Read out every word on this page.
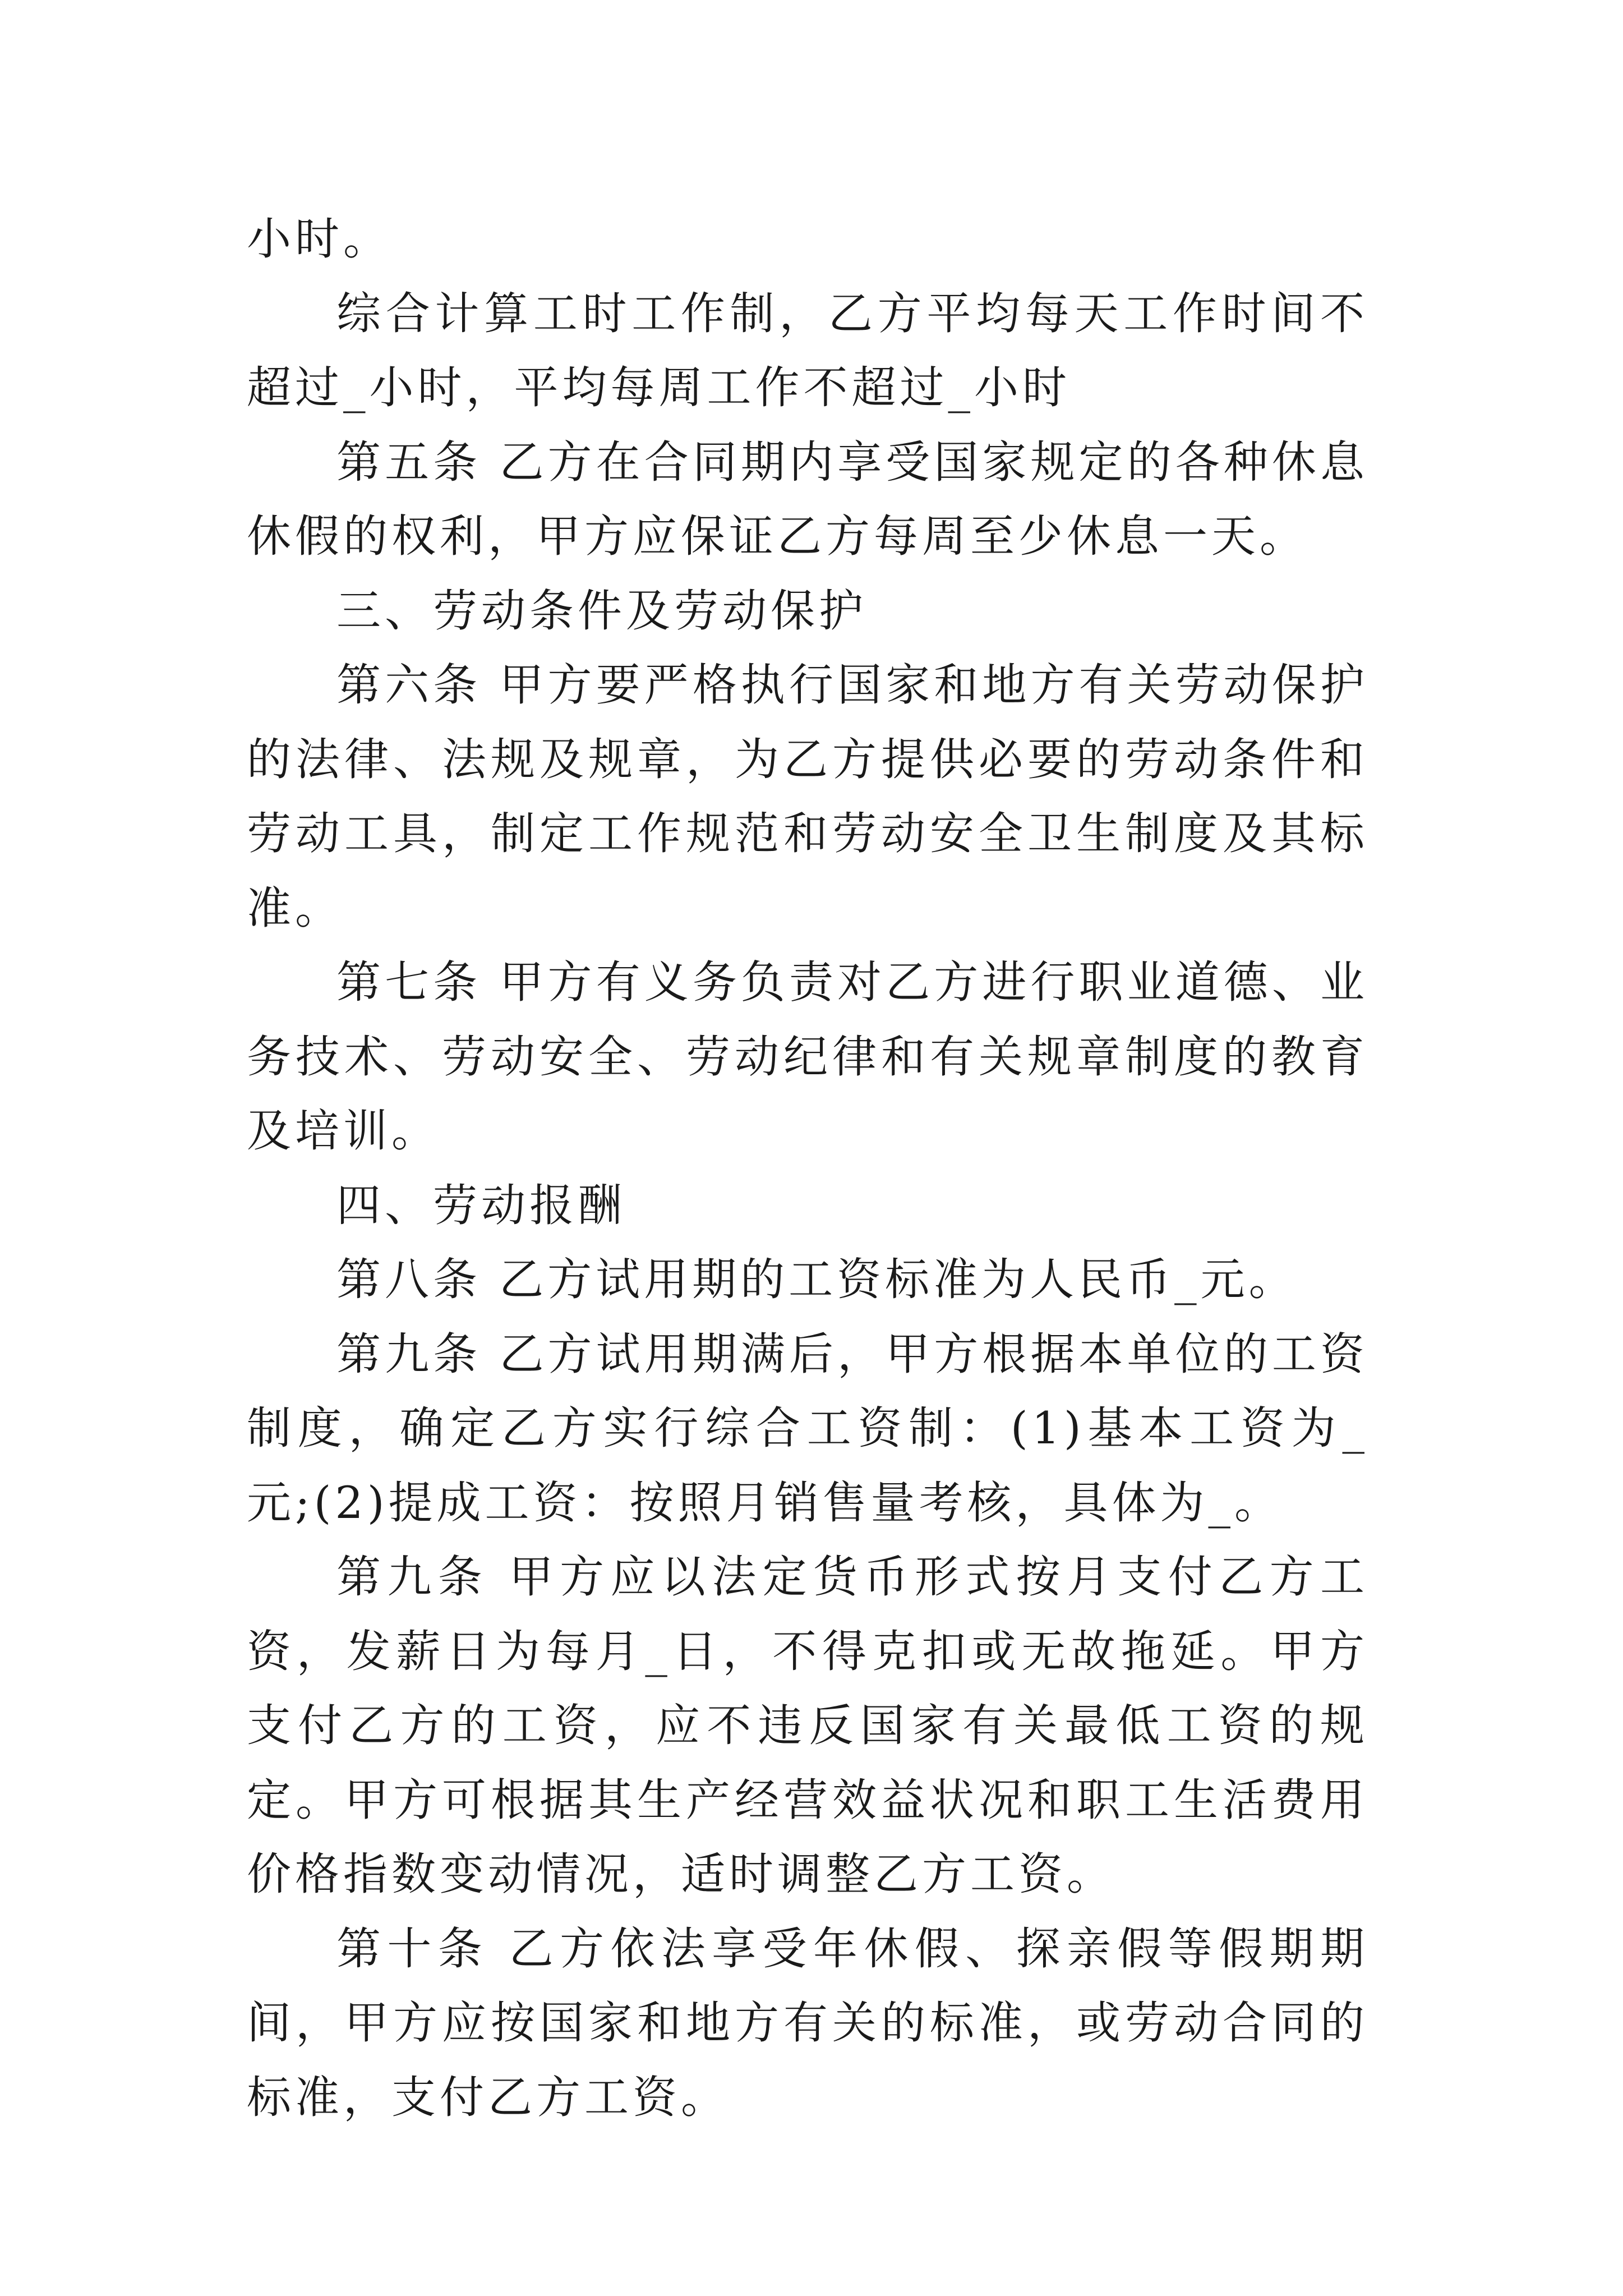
小时。

综合计算工时工作制，乙方平均每天工作时间不超过_小时，平均每周工作不超过_小时

第五条 乙方在合同期内享受国家规定的各种休息休假的权利，甲方应保证乙方每周至少休息一天。

三、劳动条件及劳动保护

第六条 甲方要严格执行国家和地方有关劳动保护的法律、法规及规章，为乙方提供必要的劳动条件和劳动工具，制定工作规范和劳动安全卫生制度及其标准。

第七条 甲方有义务负责对乙方进行职业道德、业务技术、劳动安全、劳动纪律和有关规章制度的教育及培训。

四、劳动报酬

第八条 乙方试用期的工资标准为人民币_元。

第九条 乙方试用期满后，甲方根据本单位的工资制度，确定乙方实行综合工资制：(1)基本工资为_元;(2)提成工资：按照月销售量考核，具体为_。

第九条 甲方应以法定货币形式按月支付乙方工资，发薪日为每月_日，不得克扣或无故拖延。甲方支付乙方的工资，应不违反国家有关最低工资的规定。甲方可根据其生产经营效益状况和职工生活费用价格指数变动情况，适时调整乙方工资。

第十条 乙方依法享受年休假、探亲假等假期期间，甲方应按国家和地方有关的标准，或劳动合同的标准，支付乙方工资。
